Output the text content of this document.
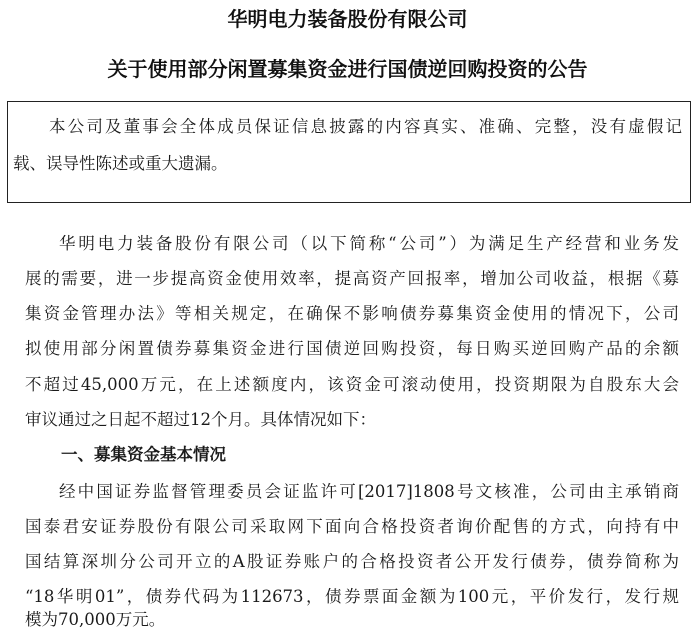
华明电力装备股份有限公司
关于使用部分闲置募集资金进行国债逆回购投资的公告
本公司及董事会全体成员保证信息披露的内容真实、准确、完整，没有虚假记
载、误导性陈述或重大遗漏。
华明电力装备股份有限公司（以下简称“公司”）为满足生产经营和业务发
展的需要，进一步提高资金使用效率，提高资产回报率，增加公司收益，根据《募
集资金管理办法》等相关规定，在确保不影响债券募集资金使用的情况下，公司
拟使用部分闲置债券募集资金进行国债逆回购投资，每日购买逆回购产品的余额
不超过45,000万元，在上述额度内，该资金可滚动使用，投资期限为自股东大会
审议通过之日起不超过12个月。具体情况如下：
一、募集资金基本情况
经中国证券监督管理委员会证监许可[2017]1808号文核准，公司由主承销商
国泰君安证券股份有限公司采取网下面向合格投资者询价配售的方式，向持有中
国结算深圳分公司开立的A股证券账户的合格投资者公开发行债券，债券简称为
“18华明01”，债券代码为112673，债券票面金额为100元，平价发行，发行规
模为70,000万元。
